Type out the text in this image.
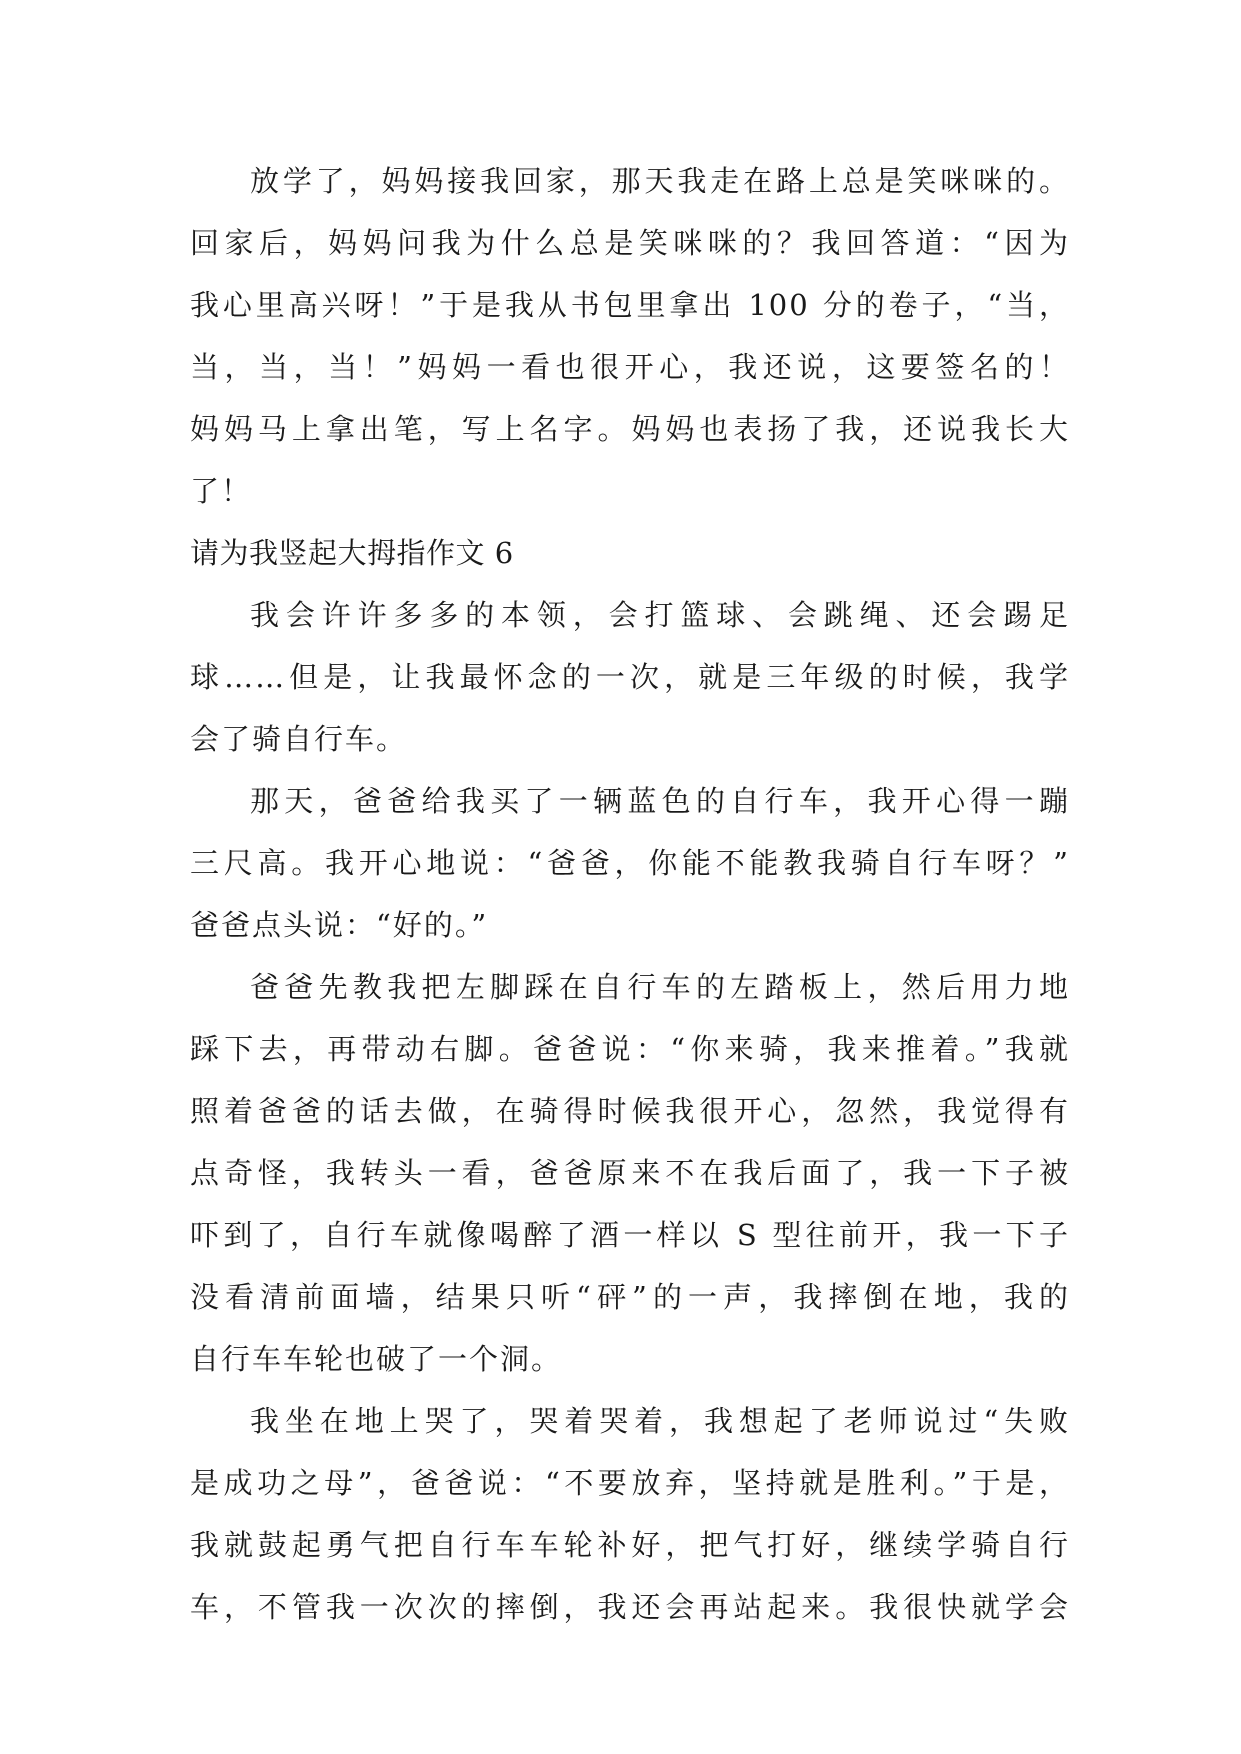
放学了，妈妈接我回家，那天我走在路上总是笑咪咪的。
回家后，妈妈问我为什么总是笑咪咪的？我回答道：“因为
我心里高兴呀！”于是我从书包里拿出 100 分的卷子，“当，
当，当，当！”妈妈一看也很开心，我还说，这要签名的！
妈妈马上拿出笔，写上名字。妈妈也表扬了我，还说我长大
了！
请为我竖起大拇指作文 6
我会许许多多的本领，会打篮球、会跳绳、还会踢足
球……但是，让我最怀念的一次，就是三年级的时候，我学
会了骑自行车。
那天，爸爸给我买了一辆蓝色的自行车，我开心得一蹦
三尺高。我开心地说：“爸爸，你能不能教我骑自行车呀？”
爸爸点头说：“好的。”
爸爸先教我把左脚踩在自行车的左踏板上，然后用力地
踩下去，再带动右脚。爸爸说：“你来骑，我来推着。”我就
照着爸爸的话去做，在骑得时候我很开心，忽然，我觉得有
点奇怪，我转头一看，爸爸原来不在我后面了，我一下子被
吓到了，自行车就像喝醉了酒一样以 S 型往前开，我一下子
没看清前面墙，结果只听“砰”的一声，我摔倒在地，我的
自行车车轮也破了一个洞。
我坐在地上哭了，哭着哭着，我想起了老师说过“失败
是成功之母”，爸爸说：“不要放弃，坚持就是胜利。”于是，
我就鼓起勇气把自行车车轮补好，把气打好，继续学骑自行
车，不管我一次次的摔倒，我还会再站起来。我很快就学会
